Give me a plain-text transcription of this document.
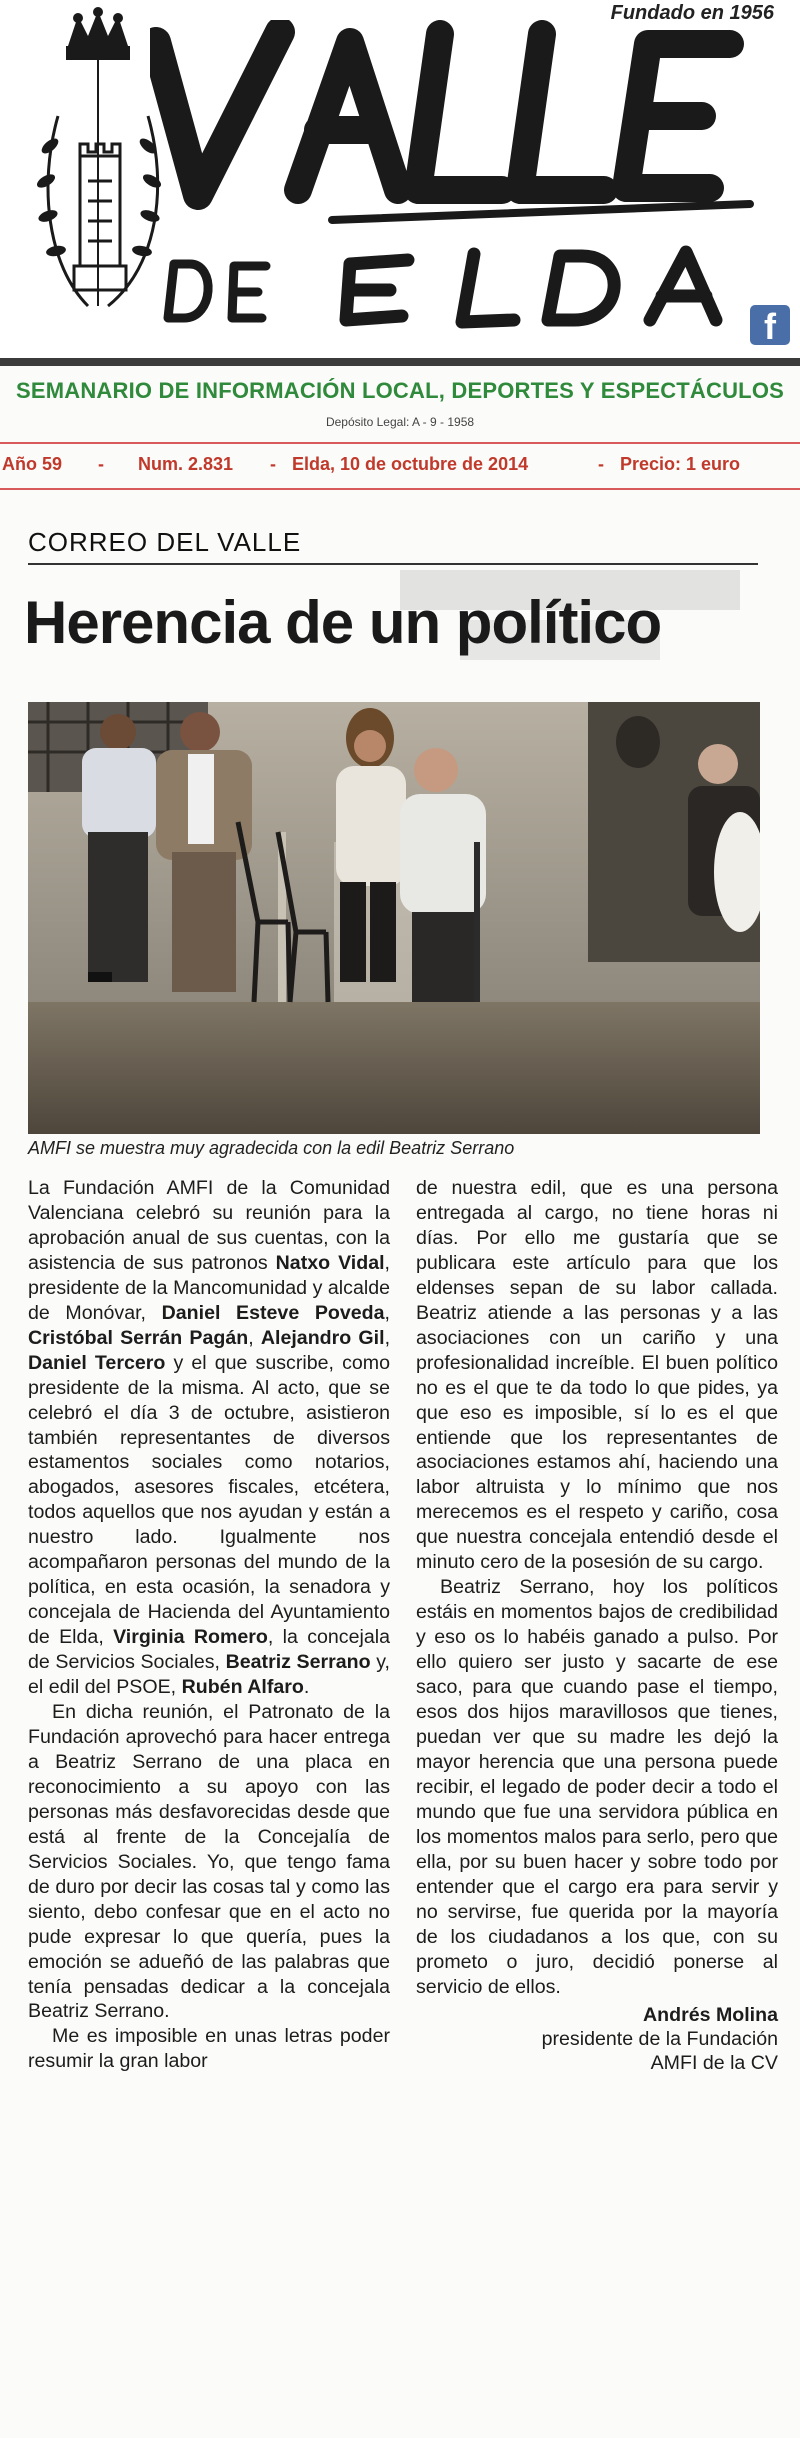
Fundado en 1956
VALLE
DE ELDA	f
SEMANARIO DE INFORMACIÓN LOCAL, DEPORTES Y ESPECTÁCULOS
Depósito Legal: A - 9 - 1958
Año 59 - Num. 2.831 - Elda, 10 de octubre de 2014	- Precio: 1 euro
CORREO DEL VALLE
Herencia de un político
AMFI se muestra muy agradecida con la edil Beatriz Serrano

La Fundación AMFI de la Comunidad Valenciana celebró su reunión para la aprobación anual de sus cuentas, con la asistencia de sus patronos Natxo Vidal, presidente de la Mancomunidad y alcalde de Monóvar, Daniel Esteve Poveda, Cristóbal Serrán Pagán, Alejandro Gil, Daniel Tercero y el que suscribe, como presidente de la misma. Al acto, que se celebró el día 3 de octubre, asistieron también representantes de diversos estamentos sociales como notarios, abogados, asesores fiscales, etcétera, todos aquellos que nos ayudan y están a nuestro lado. Igualmente nos acompañaron personas del mundo de la política, en esta ocasión, la senadora y concejala de Hacienda del Ayuntamiento de Elda, Virginia Romero, la concejala de Servicios Sociales, Beatriz Serrano y, el edil del PSOE, Rubén Alfaro.

En dicha reunión, el Patronato de la Fundación aprovechó para hacer entrega a Beatriz Serrano de una placa en reconocimiento a su apoyo con las personas más desfavorecidas desde que está al frente de la Concejalía de Servicios Sociales. Yo, que tengo fama de duro por decir las cosas tal y como las siento, debo confesar que en el acto no pude expresar lo que quería, pues la emoción se adueñó de las palabras que tenía pensadas dedicar a la concejala Beatriz Serrano.

Me es imposible en unas letras poder resumir la gran labor

de nuestra edil, que es una persona entregada al cargo, no tiene horas ni días. Por ello me gustaría que se publicara este artículo para que los eldenses sepan de su labor callada. Beatriz atiende a las personas y a las asociaciones con un cariño y una profesionalidad increíble. El buen político no es el que te da todo lo que pides, ya que eso es imposible, sí lo es el que entiende que los representantes de asociaciones estamos ahí, haciendo una labor altruista y lo mínimo que nos merecemos es el respeto y cariño, cosa que nuestra concejala entendió desde el minuto cero de la posesión de su cargo.

Beatriz Serrano, hoy los políticos estáis en momentos bajos de credibilidad y eso os lo habéis ganado a pulso. Por ello quiero ser justo y sacarte de ese saco, para que cuando pase el tiempo, esos dos hijos maravillosos que tienes, puedan ver que su madre les dejó la mayor herencia que una persona puede recibir, el legado de poder decir a todo el mundo que fue una servidora pública en los momentos malos para serlo, pero que ella, por su buen hacer y sobre todo por entender que el cargo era para servir y no servirse, fue querida por la mayoría de los ciudadanos a los que, con su prometo o juro, decidió ponerse al servicio de ellos.

Andrés Molina
presidente de la Fundación
AMFI de la CV
